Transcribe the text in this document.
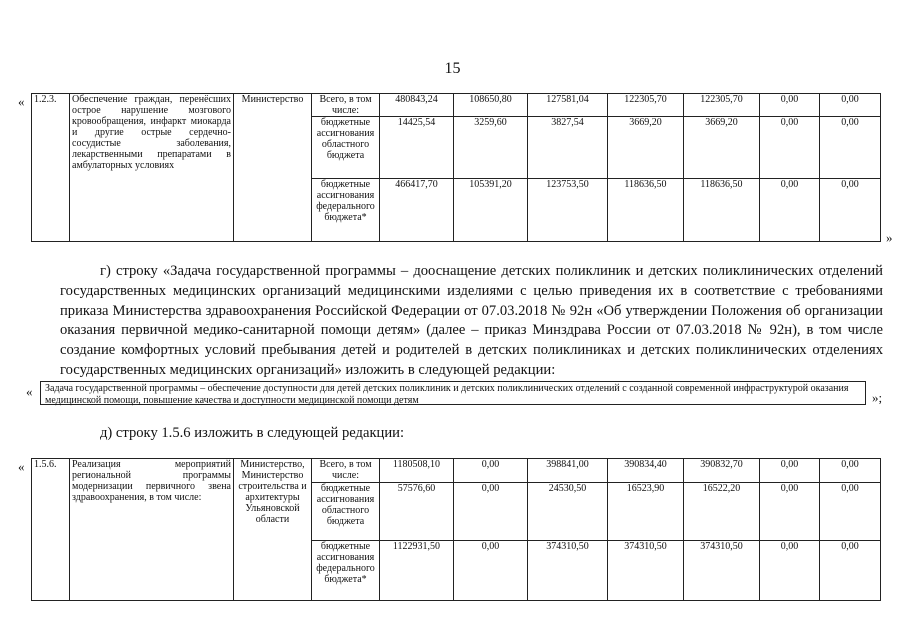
15
« 1.2.3.	Обеспечение граждан, перенёсших острое нарушение мозгового кровообращения, инфаркт миокарда и другие острые сердечно-сосудистые заболевания, лекарственными препаратами в амбулаторных условиях	Министерство	Всего, в том числе:	480843,24	108650,80	127581,04	122305,70	122305,70	0,00	0,00
			бюджетные ассигнования областного бюджета	14425,54	3259,60	3827,54	3669,20	3669,20	0,00	0,00
			бюджетные ассигнования федерального бюджета*	466417,70	105391,20	123753,50	118636,50	118636,50	0,00	0,00
»
г) строку «Задача государственной программы – дооснащение детских поликлиник и детских поликлинических отделений государственных медицинских организаций медицинскими изделиями с целью приведения их в соответствие с требованиями приказа Министерства здравоохранения Российской Федерации от 07.03.2018 № 92н «Об утверждении Положения об организации оказания первичной медико-санитарной помощи детям» (далее – приказ Минздрава России от 07.03.2018 № 92н), в том числе создание комфортных условий пребывания детей и родителей в детских поликлиниках и детских поликлинических отделениях государственных медицинских организаций» изложить в следующей редакции:
«	Задача государственной программы – обеспечение доступности для детей детских поликлиник и детских поликлинических отделений с созданной современной инфраструктурой оказания медицинской помощи, повышение качества и доступности медицинской помощи детям	»;
д) строку 1.5.6 изложить в следующей редакции:
« 1.5.6.	Реализация мероприятий региональной программы модернизации первичного звена здравоохранения, в том числе:	Министерство, Министерство строительства и архитектуры Ульяновской области	Всего, в том числе:	1180508,10	0,00	398841,00	390834,40	390832,70	0,00	0,00
			бюджетные ассигнования областного бюджета	57576,60	0,00	24530,50	16523,90	16522,20	0,00	0,00
			бюджетные ассигнования федерального бюджета*	1122931,50	0,00	374310,50	374310,50	374310,50	0,00	0,00
